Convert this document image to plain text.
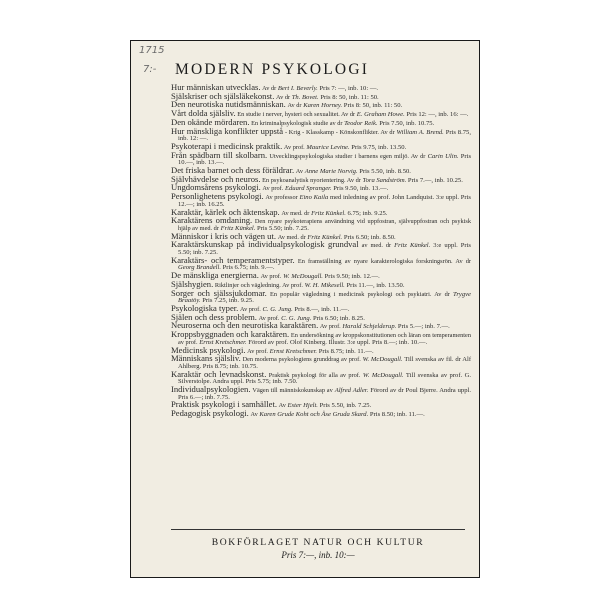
1715
7:- MODERN PSYKOLOGI

Hur människan utvecklas. Av dr Bert I. Beverly. Pris 7: —, inb. 10: —.

Själskriser och själsläkekonst. Av dr Th. Bovet. Pris 8: 50, inb. 11: 50.

Den neurotiska nutidsmänniskan. Av dr Karen Horney. Pris 8: 50, inb. 11: 50.

Vårt dolda själsliv. En studie i nerver, hysteri och sexualitet. Av dr E. Graham Howe. Pris 12: —, inb. 16: —.

Den okände mördaren. En kriminalpsykologisk studie av dr Teodor Reik. Pris 7.50, inb. 10.75.

Hur mänskliga konflikter uppstå - Krig - Klasskamp - Könskonflikter. Av dr William A. Brend. Pris 8.75, inb. 12: —.

Psykoterapi i medicinsk praktik. Av prof. Maurice Levine. Pris 9.75, inb. 13.50.

Från spädbarn till skolbarn. Utvecklingspsykologiska studier i barnens egen miljö. Av dr Carin Ulin. Pris 10.—, inb. 13.—.

Det friska barnet och dess föräldrar. Av Anne Marie Norvig. Pris 5.50, inb. 8.50.

Självhävdelse och neuros. En psykoanalytisk nyorientering. Av dr Tora Sandström. Pris 7.—, inb. 10.25.

Ungdomsårens psykologi. Av prof. Eduard Spranger. Pris 9.50, inb. 13.—.

Personlighetens psykologi. Av professor Eino Kaila med inledning av prof. John Landquist. 3:e uppl. Pris 12.—; inb. 16.25.

Karaktär, kärlek och äktenskap. Av med. dr Fritz Künkel. 6.75; inb. 9.25.

Karaktärens omdaning. Den nyare psykoterapiens användning vid uppfostran, självuppfostran och psykisk hjälp av med. dr Fritz Künkel. Pris 5.50; inb. 7.25.

Människor i kris och vägen ut. Av med. dr Fritz Künkel. Pris 6.50; inb. 8.50.

Karaktärskunskap på individualpsykologisk grundval av med. dr Fritz Künkel. 3:e uppl. Pris 5.50; inb. 7.25.

Karaktärs- och temperamentstyper. En framställning av nyare karakterologiska forskningsrön. Av dr Georg Brandell. Pris 6.75; inb. 9.—.

De mänskliga energierna. Av prof. W. McDougall. Pris 9.50; inb. 12.—.

Själshygien. Riktlinjer och vägledning. Av prof. W. H. Mikesell. Pris 11.—, inb. 13.50.

Sorger och själssjukdomar. En populär vägledning i medicinsk psykologi och psykiatri. Av dr Trygve Braatöy. Pris 7.25, inb. 9.25.

Psykologiska typer. Av prof. C. G. Jung. Pris 8.—, inb. 11.—.

Själen och dess problem. Av prof. C. G. Jung. Pris 6.50; inb. 8.25.

Neuroserna och den neurotiska karaktären. Av prof. Harald Schjelderup. Pris 5.—; inb. 7.—.

Kroppsbyggnaden och karaktären. En undersökning av kroppskonstitutionen och läran om temperamenten av prof. Ernst Kretschmer. Förord av prof. Olof Kinberg. Illustr. 3:e uppl. Pris 8.—; inb. 10.—.

Medicinsk psykologi. Av prof. Ernst Kretschmer. Pris 8.75; inb. 11.—.

Människans själsliv. Den moderna psykologiens grunddrag av prof. W. McDougall. Till svenska av fil. dr Alf Ahlberg. Pris 8.75; inb. 10.75.

Karaktär och levnadskonst. Praktisk psykologi för alla av prof. W. McDougall. Till svenska av prof. G. Silverstolpe. Andra uppl. Pris 5.75; inb. 7.50.

Individualpsykologien. Vägen till människokunskap av Alfred Adler. Förord av dr Poul Bjerre. Andra uppl. Pris 6.—; inb. 7.75.

Praktisk psykologi i samhället. Av Ester Hjelt. Pris 5.50, inb. 7.25.

Pedagogisk psykologi. Av Karen Grude Koht och Åse Gruda Skard. Pris 8.50; inb. 11.—.

BOKFÖRLAGET NATUR OCH KULTUR
Pris 7:—, inb. 10:—
